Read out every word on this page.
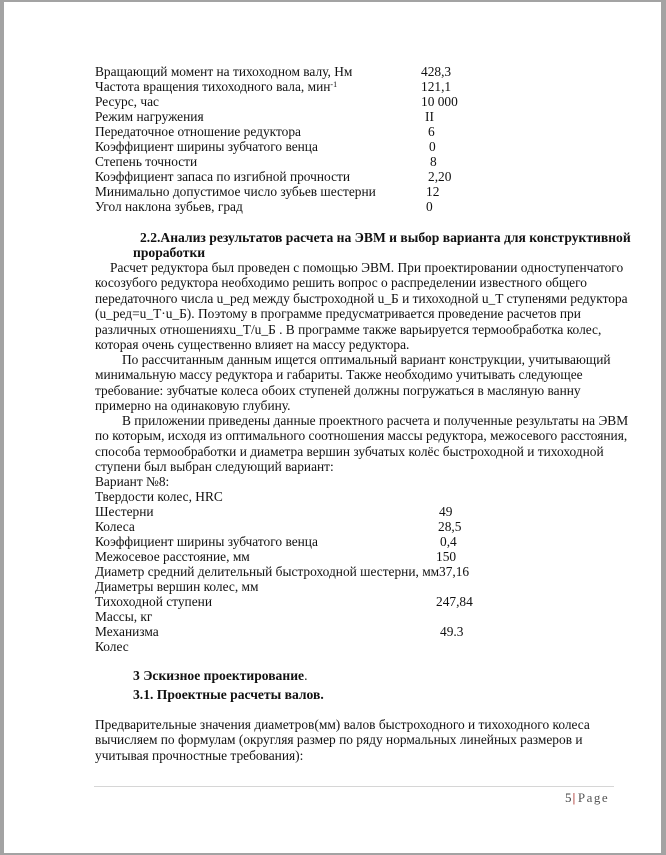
Вращающий момент на тихоходном валу, Нм	428,3
Частота вращения тихоходного вала, мин$^{-1}$	121,1
Ресурс, час	10 000
Режим нагружения	II
Передаточное отношение редуктора	6
Коэффициент ширины зубчатого венца	0
Степень точности	8
Коэффициент запаса по изгибной прочности	2,20
Минимально допустимое число зубьев шестерни	12
Угол наклона зубьев, град	0
2.2.Анализ результатов расчета на ЭВМ и выбор варианта для конструктивной
проработки
Расчет редуктора был проведен с помощью ЭВМ. При проектировании одноступенчатого
косозубого редуктора необходимо решить вопрос о распределении известного общего
передаточного числа u_ред между быстроходной u_Б и тихоходной u_T ступенями редуктора
(u_ред=u_T·u_Б). Поэтому в программе предусматривается проведение расчетов при
различных отношенияхu_T/u_Б . В программе также варьируется термообработка колес,
которая очень существенно влияет на массу редуктора.
По рассчитанным данным ищется оптимальный вариант конструкции, учитывающий
минимальную массу редуктора и габариты. Также необходимо учитывать следующее
требование: зубчатые колеса обоих ступеней должны погружаться в масляную ванну
примерно на одинаковую глубину.
В приложении приведены данные проектного расчета и полученные результаты на ЭВМ
по которым, исходя из оптимального соотношения массы редуктора, межосевого расстояния,
способа термообработки и диаметра вершин зубчатых колёс быстроходной и тихоходной
ступени был выбран следующий вариант:
Вариант №8:
Твердости колес, HRC
Шестерни	49
Колеса	28,5
Коэффициент ширины зубчатого венца	0,4
Межосевое расстояние, мм	150
Диаметр средний делительный быстроходной шестерни, мм 37,16
Диаметры вершин колес, мм
Тихоходной ступени	247,84
Массы, кг
Механизма	49.3
Колес
3 Эскизное проектирование.
3.1. Проектные расчеты валов.
Предварительные значения диаметров(мм) валов быстроходного и тихоходного колеса
вычисляем по формулам (округляя размер по ряду нормальных линейных размеров и
учитывая прочностные требования):
5|Page
